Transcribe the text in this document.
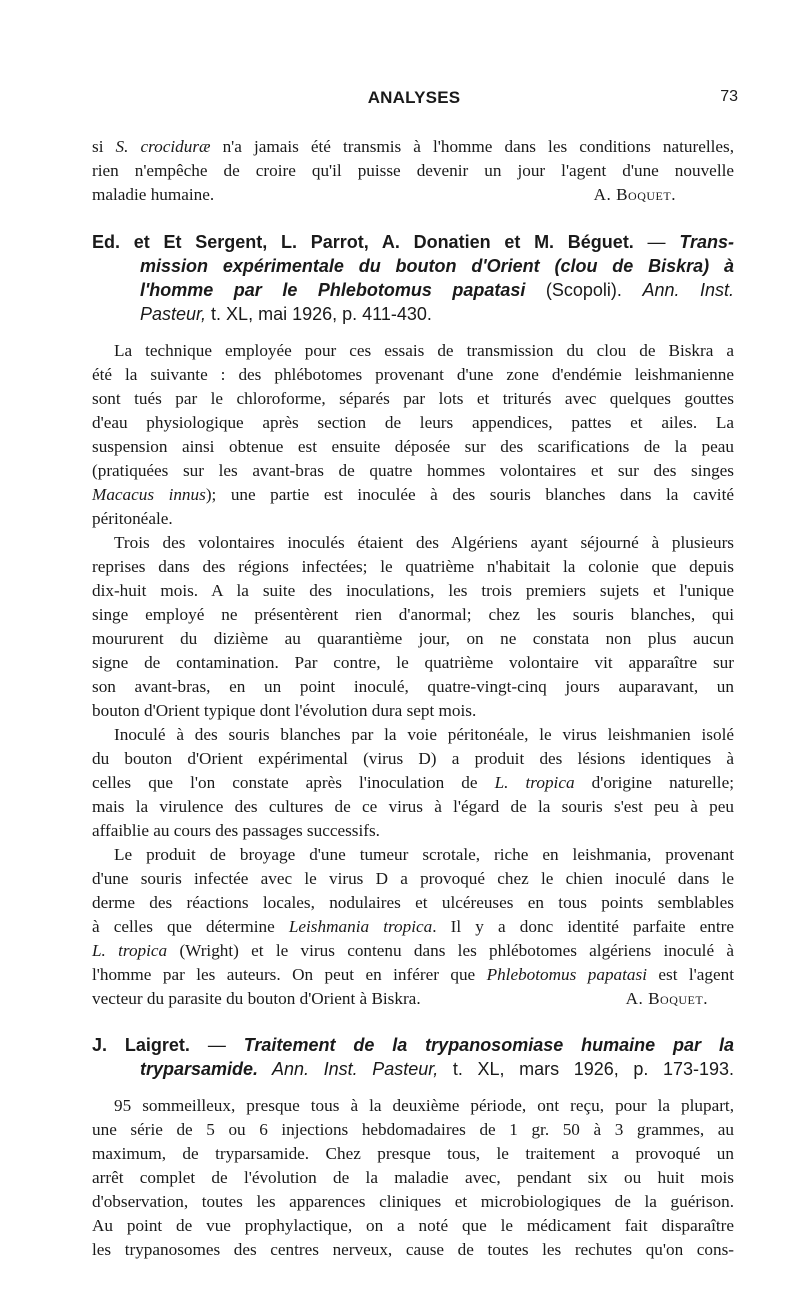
ANALYSES	73
si S. crociduræ n'a jamais été transmis à l'homme dans les conditions naturelles,
rien n'empêche de croire qu'il puisse devenir un jour l'agent d'une nouvelle
maladie humaine.	A. Boquet.
Ed. et Et Sergent, L. Parrot, A. Donatien et M. Béguet. — Trans-
mission expérimentale du bouton d'Orient (clou de Biskra) à
l'homme par le Phlebotomus papatasi (Scopoli). Ann. Inst.
Pasteur, t. XL, mai 1926, p. 411-430.
La technique employée pour ces essais de transmission du clou de Biskra a
été la suivante : des phlébotomes provenant d'une zone d'endémie leishmanienne
sont tués par le chloroforme, séparés par lots et triturés avec quelques gouttes
d'eau physiologique après section de leurs appendices, pattes et ailes. La
suspension ainsi obtenue est ensuite déposée sur des scarifications de la peau
(pratiquées sur les avant-bras de quatre hommes volontaires et sur des singes
Macacus innus); une partie est inoculée à des souris blanches dans la cavité
péritonéale.
Trois des volontaires inoculés étaient des Algériens ayant séjourné à plusieurs
reprises dans des régions infectées; le quatrième n'habitait la colonie que depuis
dix-huit mois. A la suite des inoculations, les trois premiers sujets et l'unique
singe employé ne présentèrent rien d'anormal; chez les souris blanches, qui
moururent du dizième au quarantième jour, on ne constata non plus aucun
signe de contamination. Par contre, le quatrième volontaire vit apparaître sur
son avant-bras, en un point inoculé, quatre-vingt-cinq jours auparavant, un
bouton d'Orient typique dont l'évolution dura sept mois.
Inoculé à des souris blanches par la voie péritonéale, le virus leishmanien isolé
du bouton d'Orient expérimental (virus D) a produit des lésions identiques à
celles que l'on constate après l'inoculation de L. tropica d'origine naturelle;
mais la virulence des cultures de ce virus à l'égard de la souris s'est peu à peu
affaiblie au cours des passages successifs.
Le produit de broyage d'une tumeur scrotale, riche en leishmania, provenant
d'une souris infectée avec le virus D a provoqué chez le chien inoculé dans le
derme des réactions locales, nodulaires et ulcéreuses en tous points semblables
à celles que détermine Leishmania tropica. Il y a donc identité parfaite entre
L. tropica (Wright) et le virus contenu dans les phlébotomes algériens inoculé à
l'homme par les auteurs. On peut en inférer que Phlebotomus papatasi est l'agent
vecteur du parasite du bouton d'Orient à Biskra.	A. Boquet.
J. Laigret. — Traitement de la trypanosomiase humaine par la
tryparsamide. Ann. Inst. Pasteur, t. XL, mars 1926, p. 173-193.
95 sommeilleux, presque tous à la deuxième période, ont reçu, pour la plupart,
une série de 5 ou 6 injections hebdomadaires de 1 gr. 50 à 3 grammes, au
maximum, de tryparsamide. Chez presque tous, le traitement a provoqué un
arrêt complet de l'évolution de la maladie avec, pendant six ou huit mois
d'observation, toutes les apparences cliniques et microbiologiques de la guérison.
Au point de vue prophylactique, on a noté que le médicament fait disparaître
les trypanosomes des centres nerveux, cause de toutes les rechutes qu'on cons-
